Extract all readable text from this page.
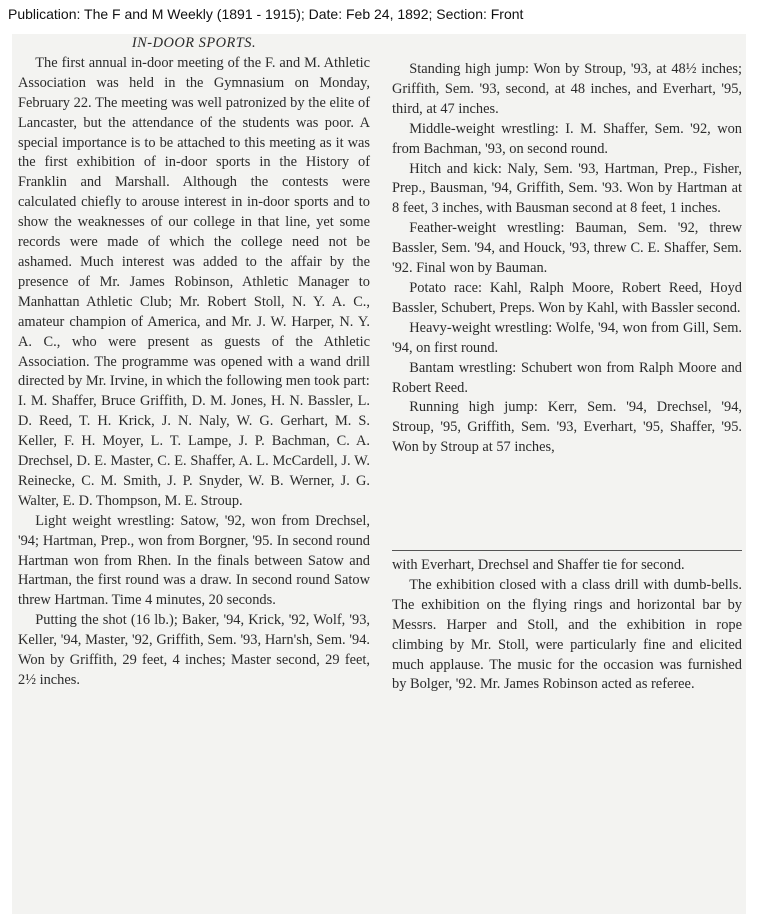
Publication: The F and M Weekly (1891 - 1915); Date: Feb 24, 1892; Section: Front

IN-DOOR SPORTS.

The first annual in-door meeting of the F. and M. Athletic Association was held in the Gymnasium on Monday, February 22. The meeting was well patronized by the elite of Lancaster, but the attendance of the students was poor. A special importance is to be attached to this meeting as it was the first exhibition of in-door sports in the History of Franklin and Marshall. Although the contests were calculated chiefly to arouse interest in in-door sports and to show the weaknesses of our college in that line, yet some records were made of which the college need not be ashamed. Much interest was added to the affair by the presence of Mr. James Robinson, Athletic Manager to Manhattan Athletic Club; Mr. Robert Stoll, N. Y. A. C., amateur champion of America, and Mr. J. W. Harper, N. Y. A. C., who were present as guests of the Athletic Association. The programme was opened with a wand drill directed by Mr. Irvine, in which the following men took part:

I. M. Shaffer, Bruce Griffith, D. M. Jones, H. N. Bassler, L. D. Reed, T. H. Krick, J. N. Naly, W. G. Gerhart, M. S. Keller, F. H. Moyer, L. T. Lampe, J. P. Bachman, C. A. Drechsel, D. E. Master, C. E. Shaffer, A. L. McCardell, J. W. Reinecke, C. M. Smith, J. P. Snyder, W. B. Werner, J. G. Walter, E. D. Thompson, M. E. Stroup.

Light weight wrestling: Satow, '92, won from Drechsel, '94; Hartman, Prep., won from Borgner, '95. In second round Hartman won from Rhen. In the finals between Satow and Hartman, the first round was a draw. In second round Satow threw Hartman. Time 4 minutes, 20 seconds.

Putting the shot (16 lb.); Baker, '94, Krick, '92, Wolf, '93, Keller, '94, Master, '92, Griffith, Sem. '93, Harn'sh, Sem. '94. Won by Griffith, 29 feet, 4 inches; Master second, 29 feet, 2½ inches.

Standing high jump: Won by Stroup, '93, at 48½ inches; Griffith, Sem. '93, second, at 48 inches, and Everhart, '95, third, at 47 inches.

Middle-weight wrestling: I. M. Shaffer, Sem. '92, won from Bachman, '93, on second round.

Hitch and kick: Naly, Sem. '93, Hartman, Prep., Fisher, Prep., Bausman, '94, Griffith, Sem. '93. Won by Hartman at 8 feet, 3 inches, with Bausman second at 8 feet, 1 inches.

Feather-weight wrestling: Bauman, Sem. '92, threw Bassler, Sem. '94, and Houck, '93, threw C. E. Shaffer, Sem. '92. Final won by Bauman.

Potato race: Kahl, Ralph Moore, Robert Reed, Hoyd Bassler, Schubert, Preps. Won by Kahl, with Bassler second.

Heavy-weight wrestling: Wolfe, '94, won from Gill, Sem. '94, on first round.

Bantam wrestling: Schubert won from Ralph Moore and Robert Reed.

Running high jump: Kerr, Sem. '94, Drechsel, '94, Stroup, '95, Griffith, Sem. '93, Everhart, '95, Shaffer, '95. Won by Stroup at 57 inches,

with Everhart, Drechsel and Shaffer tie for second.

The exhibition closed with a class drill with dumb-bells. The exhibition on the flying rings and horizontal bar by Messrs. Harper and Stoll, and the exhibition in rope climbing by Mr. Stoll, were particularly fine and elicited much applause. The music for the occasion was furnished by Bolger, '92. Mr. James Robinson acted as referee.
